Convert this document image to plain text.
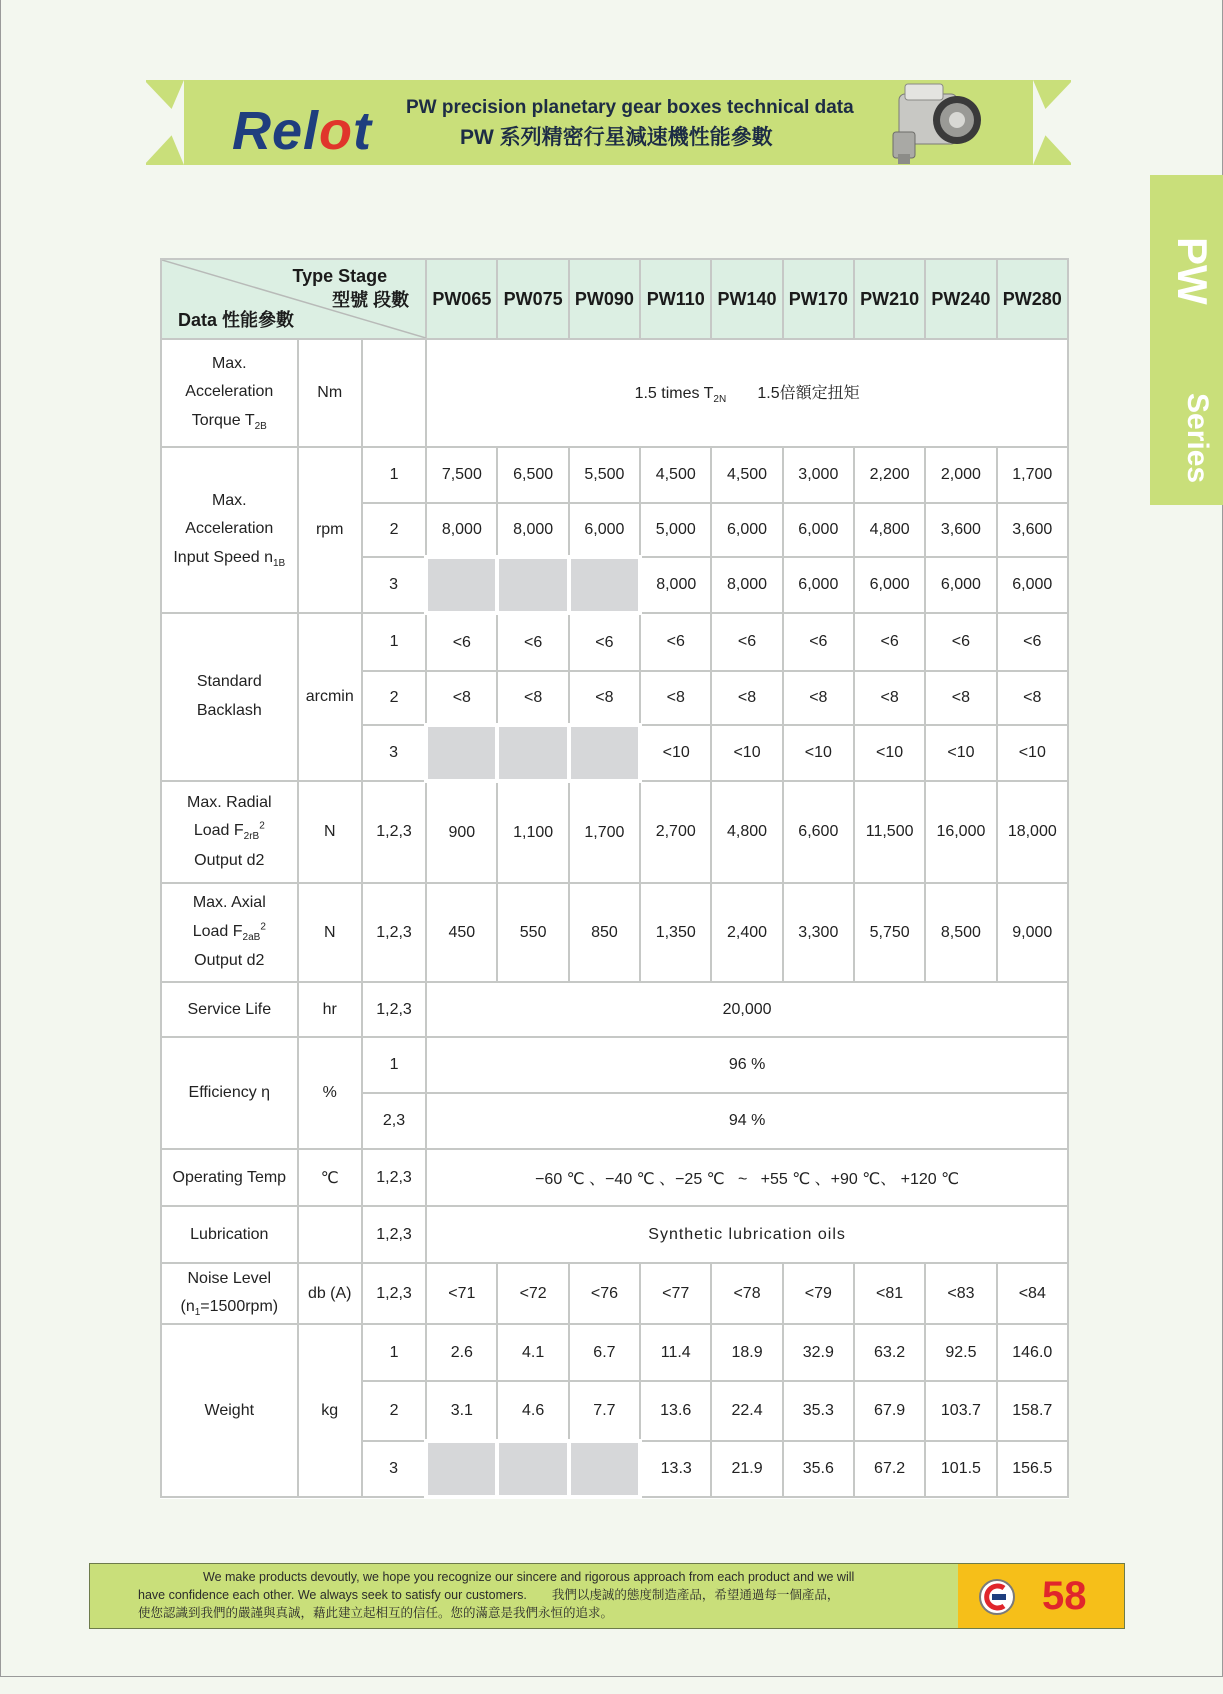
Relot PW precision planetary gear boxes technical data
PW 系列精密行星減速機性能參數
PW
Series
Type Stage
型號 段數
Data 性能參數			PW065	PW075	PW090	PW110	PW140	PW170	PW210	PW240	PW280
Max.
Acceleration
Torque $T_{2B}$	Nm		1.5 times $T_{2N}$ 1.5倍額定扭矩								
Max.
Acceleration
Input Speed $n_{1B}$	rpm	1	7,500	6,500	5,500	4,500	4,500	3,000	2,200	2,000	1,700
		2	8,000	8,000	6,000	5,000	6,000	6,000	4,800	3,600	3,600
		3				8,000	8,000	6,000	6,000	6,000	6,000
Standard
Backlash	arcmin	1	<6	<6	<6	<6	<6	<6	<6	<6	<6
		2	<8	<8	<8	<8	<8	<8	<8	<8	<8
		3				<10	<10	<10	<10	<10	<10
Max. Radial
Load $F_{2rB}^2$
Output d2	N	1,2,3	900	1,100	1,700	2,700	4,800	6,600	11,500	16,000	18,000
Max. Axial
Load $F_{2aB}^2$
Output d2	N	1,2,3	450	550	850	1,350	2,400	3,300	5,750	8,500	9,000
Service Life	hr	1,2,3	20,000								
Efficiency η	%	1	96 %								
		2,3	94 %								
Operating Temp	℃	1,2,3	−60 ℃ 、−40 ℃ 、−25 ℃   ~   +55 ℃ 、+90 ℃、 +120 ℃								
Lubrication		1,2,3	Synthetic lubrication oils								
Noise Level
$(n_1=1500rpm)$	db (A)	1,2,3	<71	<72	<76	<77	<78	<79	<81	<83	<84
Weight	kg	1	2.6	4.1	6.7	11.4	18.9	32.9	63.2	92.5	146.0
		2	3.1	4.6	7.7	13.6	22.4	35.3	67.9	103.7	158.7
		3				13.3	21.9	35.6	67.2	101.5	156.5
We make products devoutly, we hope you recognize our sincere and rigorous approach from each product and we will
have confidence each other. We always seek to satisfy our customers.　　我們以虔誠的態度制造產品，希望通過每一個產品，
使您認識到我們的嚴謹與真誠，藉此建立起相互的信任。您的滿意是我們永恒的追求。	58
